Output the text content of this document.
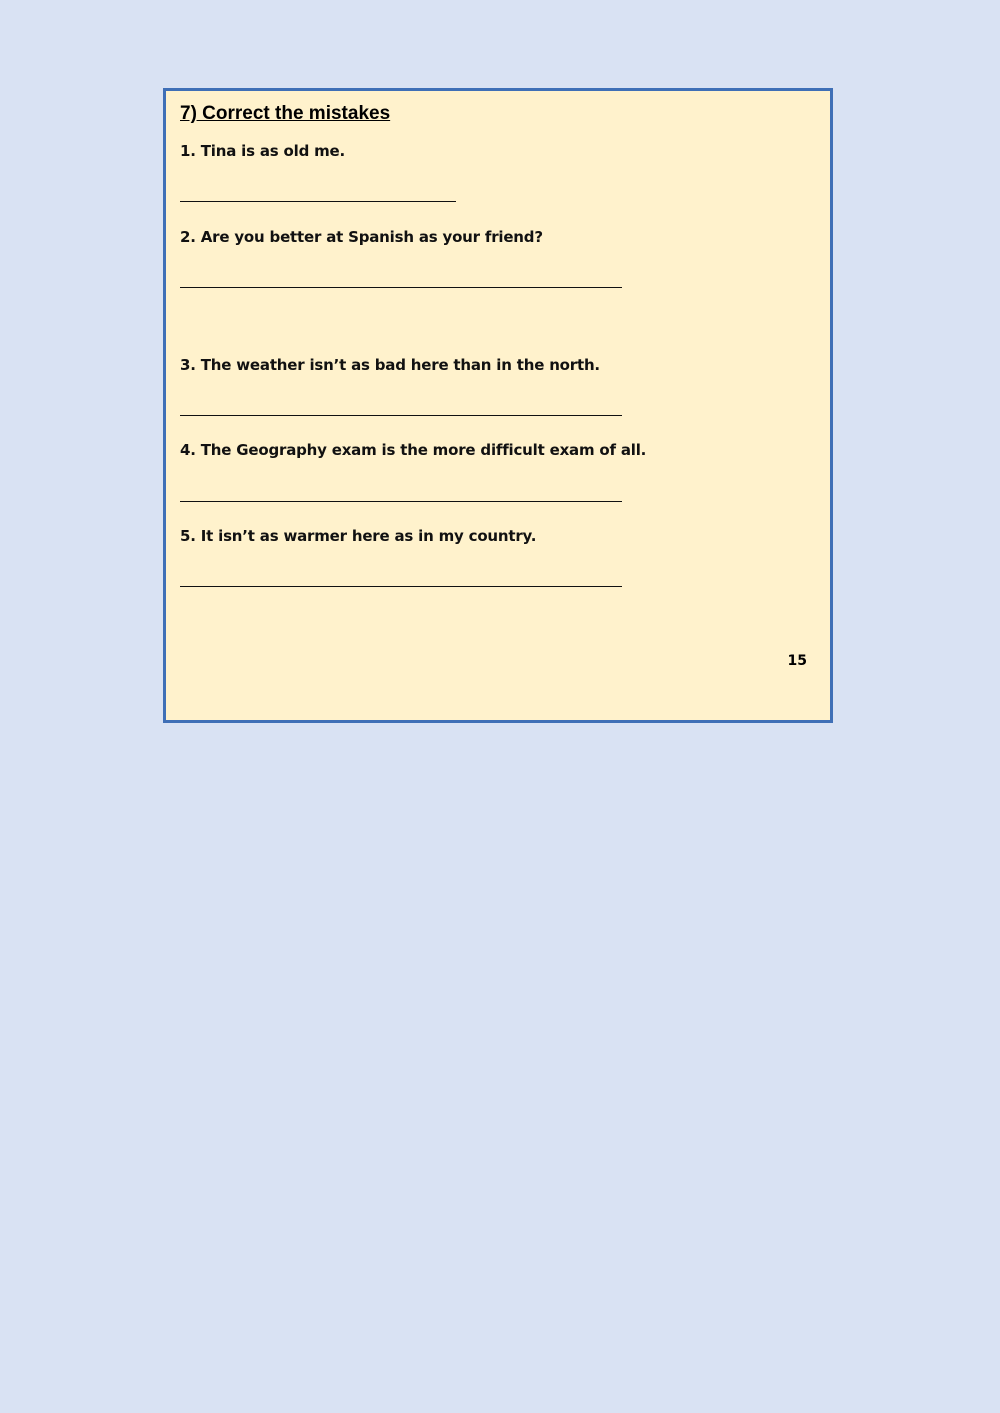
7) Correct the mistakes
1. Tina is as old me.
2. Are you better at Spanish as your friend?
3. The weather isn’t as bad here than in the north.
4. The Geography exam is the more difficult exam of all.
5. It isn’t as warmer here as in my country.
15
